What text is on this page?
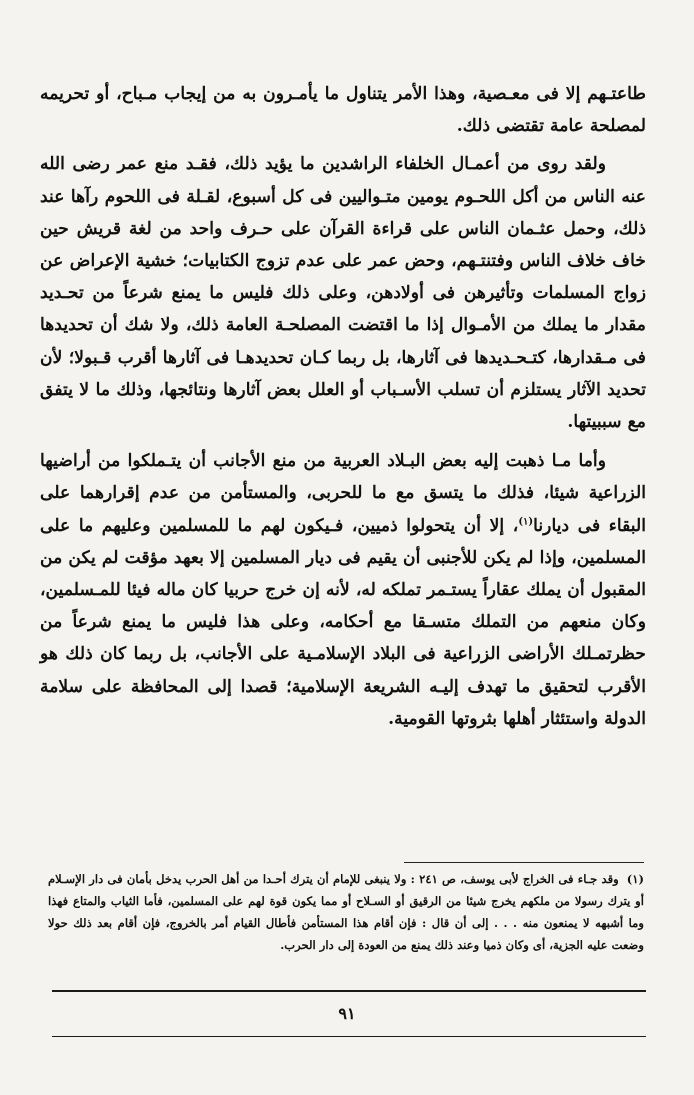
طاعتـهم إلا فى معـصية، وهذا الأمر يتناول ما يأمـرون به من إيجاب مـباح، أو تحريمه لمصلحة عامة تقتضى ذلك.

ولقد روى من أعمـال الخلفاء الراشدين ما يؤيد ذلك، فقـد منع عمر رضى الله عنه الناس من أكل اللحـوم يومين متـواليين فى كل أسبوع، لقـلة فى اللحوم رآها عند ذلك، وحمل عثـمان الناس على قراءة القرآن على حـرف واحد من لغة قريش حين خاف خلاف الناس وفتنتـهم، وحض عمر على عدم تزوج الكتابيات؛ خشية الإعراض عن زواج المسلمات وتأثيرهن فى أولادهن، وعلى ذلك فليس ما يمنع شرعاً من تحـديد مقدار ما يملك من الأمـوال إذا ما اقتضت المصلحـة العامة ذلك، ولا شك أن تحديدها فى مـقدارها، كتـحـديدها فى آثارها، بل ربما كـان تحديدهـا فى آثارها أقرب قـبولا؛ لأن تحديد الآثار يستلزم أن تسلب الأسـباب أو العلل بعض آثارها ونتائجها، وذلك ما لا يتفق مع سببيتها.

وأما مـا ذهبت إليه بعض البـلاد العربية من منع الأجانب أن يتـملكوا من أراضيها الزراعية شيئا، فذلك ما يتسق مع ما للحربى، والمستأمن من عدم إقرارهما على البقاء فى ديارنا$^{(١)}$، إلا أن يتحولوا ذميين، فـيكون لهم ما للمسلمين وعليهم ما على المسلمين، وإذا لم يكن للأجنبى أن يقيم فى ديار المسلمين إلا بعهد مؤقت لم يكن من المقبول أن يملك عقاراً يستـمر تملكه له، لأنه إن خرج حربيا كان ماله فيئا للمـسلمين، وكان منعهم من التملك متسـقا مع أحكامه، وعلى هذا فليس ما يمنع شرعاً من حظرتمـلك الأراضى الزراعية فى البلاد الإسلامـية على الأجانب، بل ربما كان ذلك هو الأقرب لتحقيق ما تهدف إليـه الشريعة الإسلامية؛ قصدا إلى المحافظة على سلامة الدولة واستئثار أهلها بثروتها القومية.

(١)وقد جـاء فى الخراج لأبى يوسف، ص ٢٤١ : ولا ينبغى للإمام أن يترك أحـدا من أهل الحرب يدخل بأمان فى دار الإسـلام أو يترك رسولا من ملكهم يخرج شيئا من الرقيق أو السـلاح أو مما يكون قوة لهم على المسلمين، فأما الثياب والمتاع فهذا وما أشبهه لا يمنعون منه . . . إلى أن قال : فإن أقام هذا المستأمن فأطال القيام أمر بالخروج، فإن أقام بعد ذلك حولا وضعت عليه الجزية، أى وكان ذميا وعند ذلك يمنع من العودة إلى دار الحرب.

٩١
